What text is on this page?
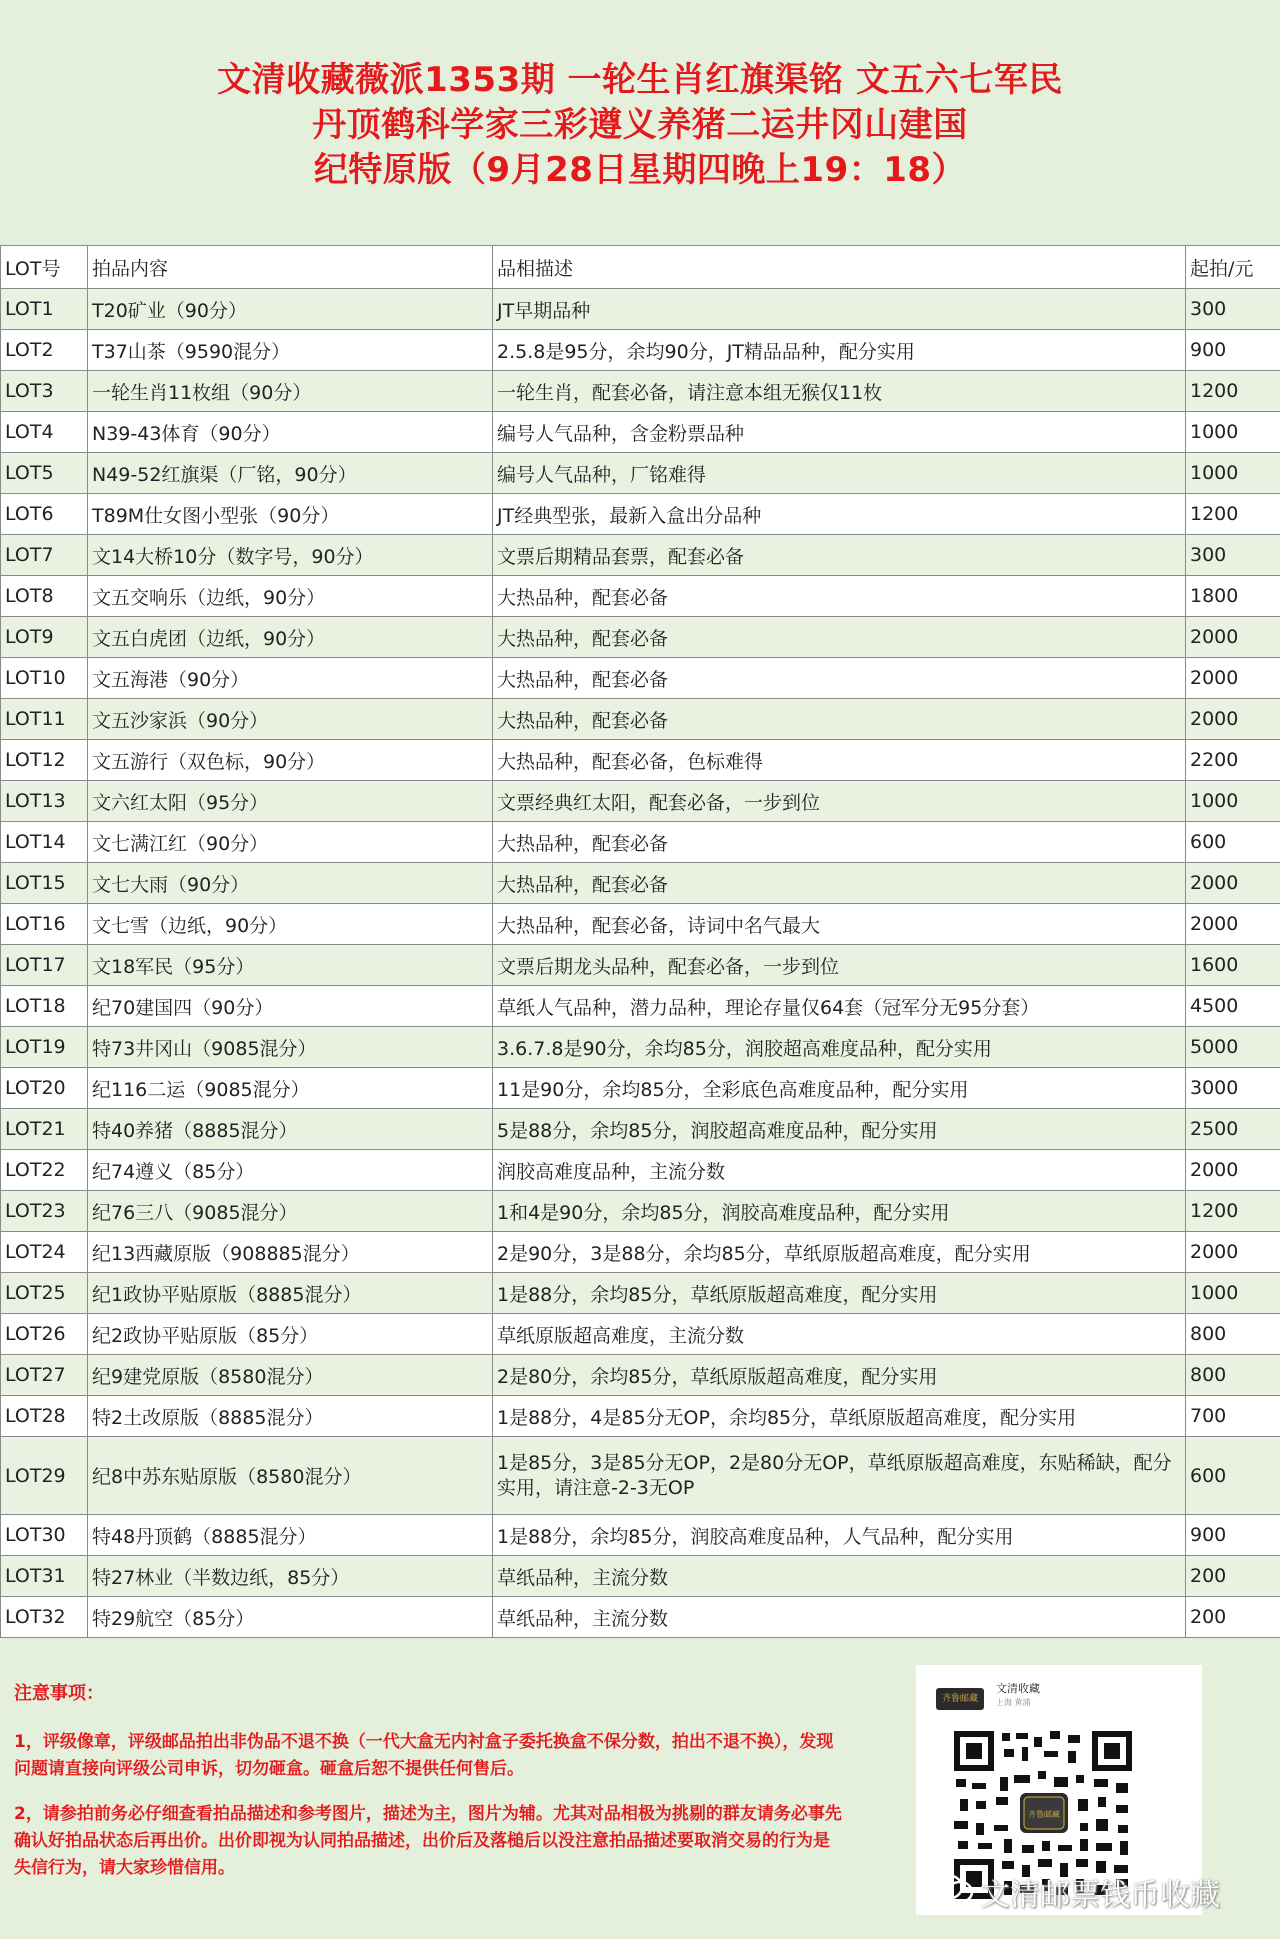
文清收藏薇派1353期 一轮生肖红旗渠铭 文五六七军民
丹顶鹤科学家三彩遵义养猪二运井冈山建国
纪特原版（9月28日星期四晚上19：18）
LOT号	拍品内容	品相描述	起拍/元
LOT1	T20矿业（90分）	JT早期品种	300
LOT2	T37山茶（9590混分）	2.5.8是95分，余均90分，JT精品品种，配分实用	900
LOT3	一轮生肖11枚组（90分）	一轮生肖，配套必备，请注意本组无猴仅11枚	1200
LOT4	N39-43体育（90分）	编号人气品种，含金粉票品种	1000
LOT5	N49-52红旗渠（厂铭，90分）	编号人气品种，厂铭难得	1000
LOT6	T89M仕女图小型张（90分）	JT经典型张，最新入盒出分品种	1200
LOT7	文14大桥10分（数字号，90分）	文票后期精品套票，配套必备	300
LOT8	文五交响乐（边纸，90分）	大热品种，配套必备	1800
LOT9	文五白虎团（边纸，90分）	大热品种，配套必备	2000
LOT10	文五海港（90分）	大热品种，配套必备	2000
LOT11	文五沙家浜（90分）	大热品种，配套必备	2000
LOT12	文五游行（双色标，90分）	大热品种，配套必备，色标难得	2200
LOT13	文六红太阳（95分）	文票经典红太阳，配套必备，一步到位	1000
LOT14	文七满江红（90分）	大热品种，配套必备	600
LOT15	文七大雨（90分）	大热品种，配套必备	2000
LOT16	文七雪（边纸，90分）	大热品种，配套必备，诗词中名气最大	2000
LOT17	文18军民（95分）	文票后期龙头品种，配套必备，一步到位	1600
LOT18	纪70建国四（90分）	草纸人气品种，潜力品种，理论存量仅64套（冠军分无95分套）	4500
LOT19	特73井冈山（9085混分）	3.6.7.8是90分，余均85分，润胶超高难度品种，配分实用	5000
LOT20	纪116二运（9085混分）	11是90分，余均85分，全彩底色高难度品种，配分实用	3000
LOT21	特40养猪（8885混分）	5是88分，余均85分，润胶超高难度品种，配分实用	2500
LOT22	纪74遵义（85分）	润胶高难度品种，主流分数	2000
LOT23	纪76三八（9085混分）	1和4是90分，余均85分，润胶高难度品种，配分实用	1200
LOT24	纪13西藏原版（908885混分）	2是90分，3是88分，余均85分，草纸原版超高难度，配分实用	2000
LOT25	纪1政协平贴原版（8885混分）	1是88分，余均85分，草纸原版超高难度，配分实用	1000
LOT26	纪2政协平贴原版（85分）	草纸原版超高难度，主流分数	800
LOT27	纪9建党原版（8580混分）	2是80分，余均85分，草纸原版超高难度，配分实用	800
LOT28	特2土改原版（8885混分）	1是88分，4是85分无OP，余均85分，草纸原版超高难度，配分实用	700
LOT29	纪8中苏东贴原版（8580混分）	1是85分，3是85分无OP，2是80分无OP，草纸原版超高难度，东贴稀缺，配分实用，请注意-2-3无OP	600
LOT30	特48丹顶鹤（8885混分）	1是88分，余均85分，润胶高难度品种，人气品种，配分实用	900
LOT31	特27林业（半数边纸，85分）	草纸品种，主流分数	200
LOT32	特29航空（85分）	草纸品种，主流分数	200
注意事项：

1，评级像章，评级邮品拍出非伪品不退不换（一代大盒无内衬盒子委托换盒不保分数，拍出不退不换），发现问题请直接向评级公司申诉，切勿砸盒。砸盒后恕不提供任何售后。

2，请参拍前务必仔细查看拍品描述和参考图片，描述为主，图片为辅。尤其对品相极为挑剔的群友请务必事先确认好拍品状态后再出价。出价即视为认同拍品描述，出价后及落槌后以没注意拍品描述要取消交易的行为是失信行为，请大家珍惜信用。

齐鲁邮藏
文清收藏
上海 黄浦
齐鲁邮藏
文清邮票钱币收藏
